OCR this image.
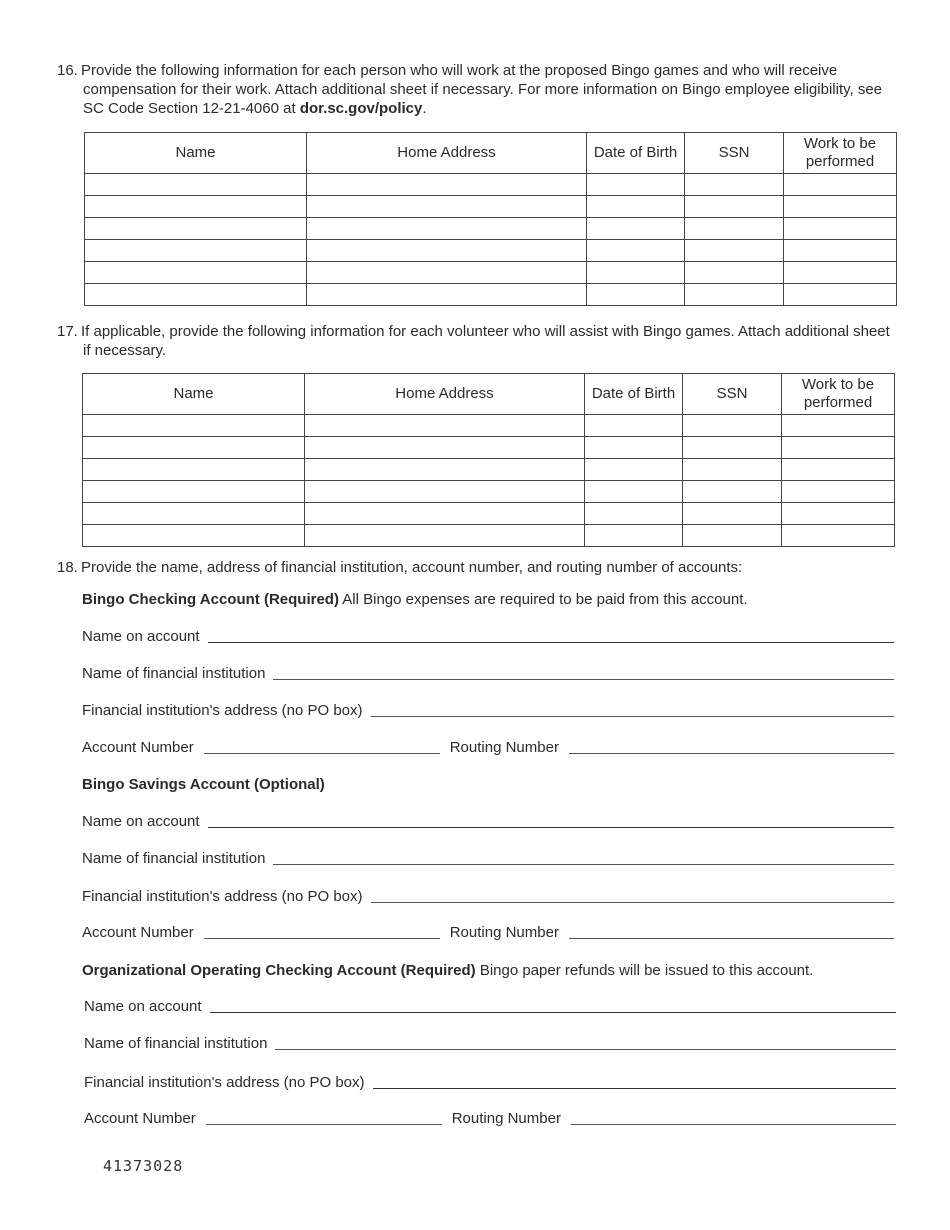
16. Provide the following information for each person who will work at the proposed Bingo games and who will receive compensation for their work. Attach additional sheet if necessary. For more information on Bingo employee eligibility, see SC Code Section 12-21-4060 at dor.sc.gov/policy.
Name	Home Address	Date of Birth	SSN	Work to be performed

17. If applicable, provide the following information for each volunteer who will assist with Bingo games. Attach additional sheet if necessary.
Name	Home Address	Date of Birth	SSN	Work to be performed

18. Provide the name, address of financial institution, account number, and routing number of accounts:
Bingo Checking Account (Required) All Bingo expenses are required to be paid from this account.
Name on account
Name of financial institution
Financial institution's address (no PO box)
Account Number	Routing Number
Bingo Savings Account (Optional)
Name on account
Name of financial institution
Financial institution's address (no PO box)
Account Number	Routing Number
Organizational Operating Checking Account (Required) Bingo paper refunds will be issued to this account.
Name on account
Name of financial institution
Financial institution's address (no PO box)
Account Number	Routing Number
41373028
